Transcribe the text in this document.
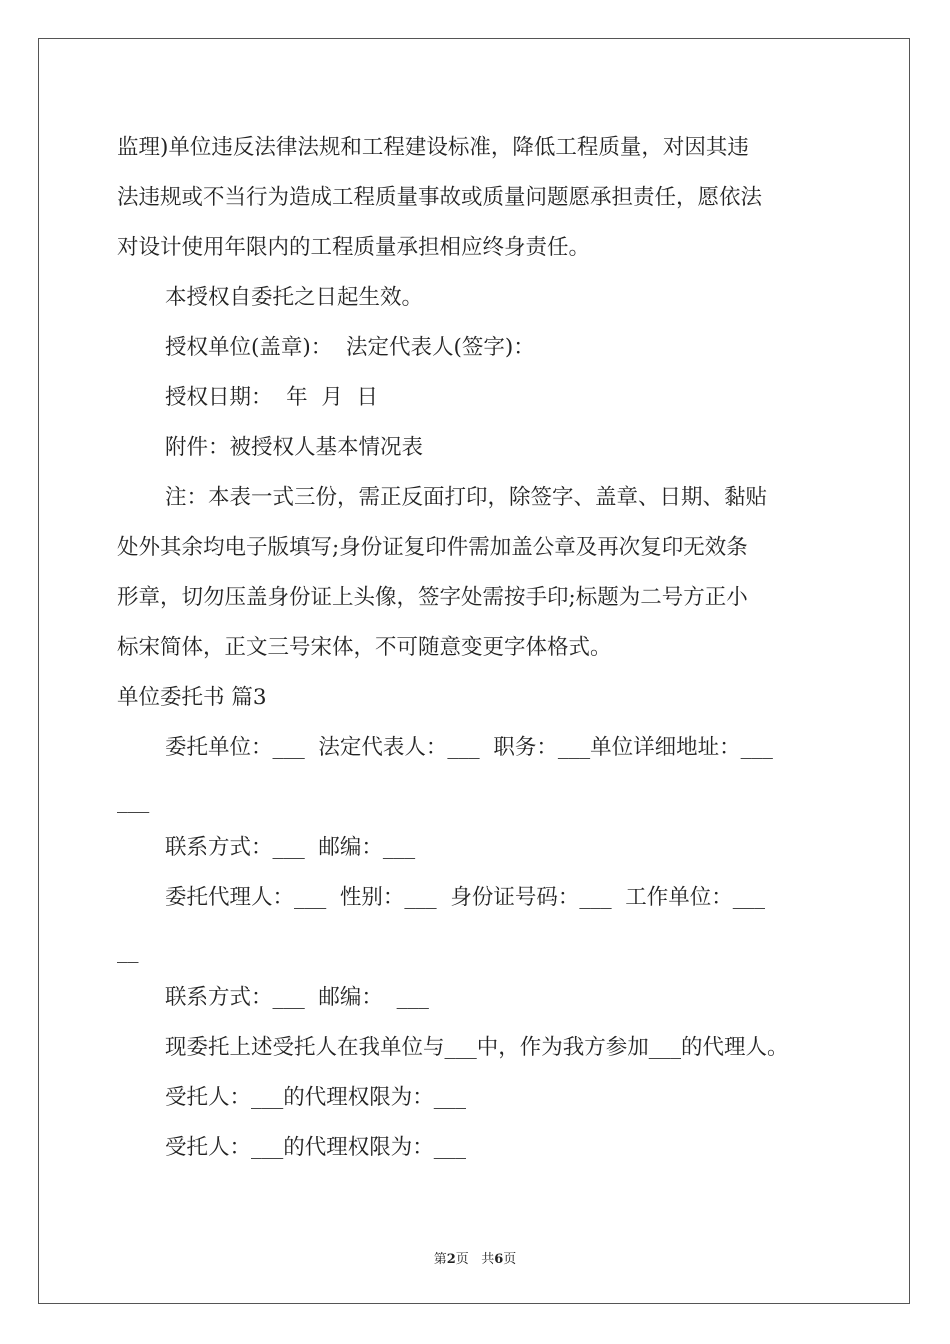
监理)单位违反法律法规和工程建设标准，降低工程质量，对因其违
法违规或不当行为造成工程质量事故或质量问题愿承担责任，愿依法
对设计使用年限内的工程质量承担相应终身责任。
本授权自委托之日起生效。
授权单位(盖章)：  法定代表人(签字)：
授权日期：  年  月  日
附件：被授权人基本情况表
注：本表一式三份，需正反面打印，除签字、盖章、日期、黏贴
处外其余均电子版填写;身份证复印件需加盖公章及再次复印无效条
形章，切勿压盖身份证上头像，签字处需按手印;标题为二号方正小
标宋简体，正文三号宋体，不可随意变更字体格式。
单位委托书 篇3
委托单位：___  法定代表人：___  职务：___单位详细地址：___
___
联系方式：___  邮编：___
委托代理人：___  性别：___  身份证号码：___  工作单位：___
__
联系方式：___  邮编：  ___
现委托上述受托人在我单位与___中，作为我方参加___的代理人。
受托人：___的代理权限为：___
受托人：___的代理权限为：___
第2页   共6页
